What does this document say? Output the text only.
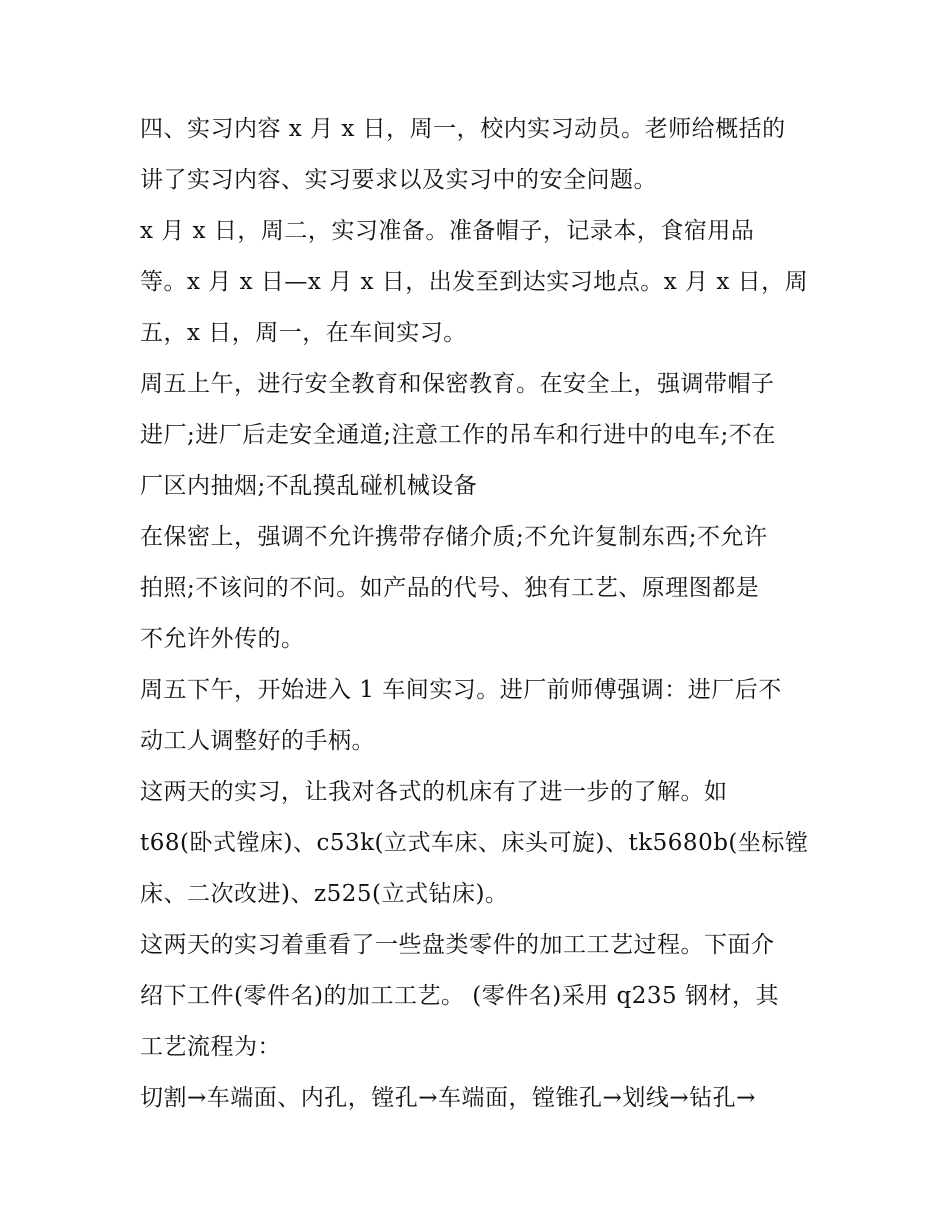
四、实习内容 x 月 x 日，周一，校内实习动员。老师给概括的
讲了实习内容、实习要求以及实习中的安全问题。
x 月 x 日，周二，实习准备。准备帽子，记录本，食宿用品
等。x 月 x 日—x 月 x 日，出发至到达实习地点。x 月 x 日，周
五，x 日，周一，在车间实习。
周五上午，进行安全教育和保密教育。在安全上，强调带帽子
进厂;进厂后走安全通道;注意工作的吊车和行进中的电车;不在
厂区内抽烟;不乱摸乱碰机械设备
在保密上，强调不允许携带存储介质;不允许复制东西;不允许
拍照;不该问的不问。如产品的代号、独有工艺、原理图都是
不允许外传的。
周五下午，开始进入 1 车间实习。进厂前师傅强调：进厂后不
动工人调整好的手柄。
这两天的实习，让我对各式的机床有了进一步的了解。如
t68(卧式镗床)、c53k(立式车床、床头可旋)、tk5680b(坐标镗
床、二次改进)、z525(立式钻床)。
这两天的实习着重看了一些盘类零件的加工工艺过程。下面介
绍下工件(零件名)的加工工艺。 (零件名)采用 q235 钢材，其
工艺流程为：
切割→车端面、内孔，镗孔→车端面，镗锥孔→划线→钻孔→
